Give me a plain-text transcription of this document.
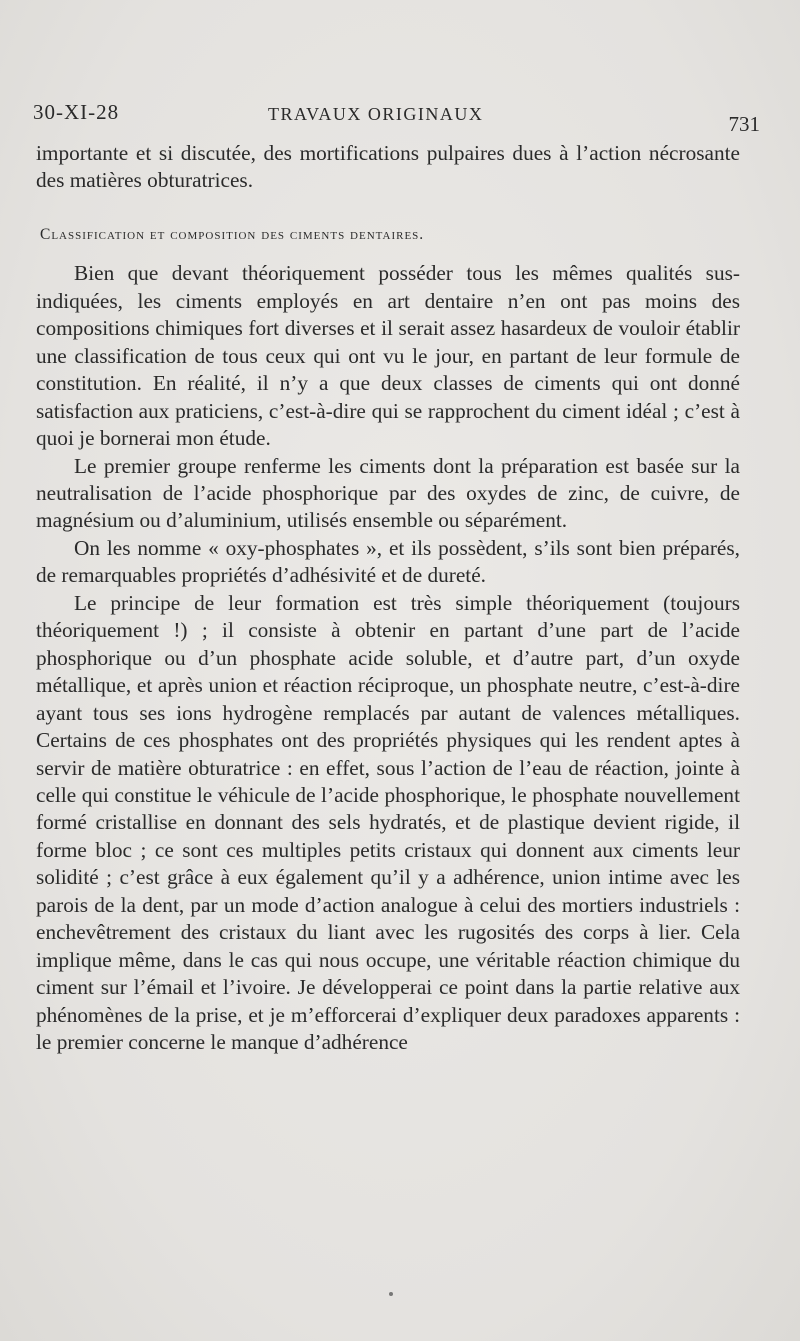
30-XI-28	TRAVAUX ORIGINAUX	731

importante et si discutée, des mortifications pulpaires dues à l’action nécrosante des matières obturatrices.

Classification et composition des ciments dentaires.

Bien que devant théoriquement posséder tous les mêmes qualités sus-indiquées, les ciments employés en art dentaire n’en ont pas moins des compositions chimiques fort diverses et il serait assez hasardeux de vouloir établir une classification de tous ceux qui ont vu le jour, en partant de leur formule de constitution. En réalité, il n’y a que deux classes de ciments qui ont donné satisfaction aux praticiens, c’est-à-dire qui se rapprochent du ciment idéal ; c’est à quoi je bornerai mon étude.

Le premier groupe renferme les ciments dont la préparation est basée sur la neutralisation de l’acide phosphorique par des oxydes de zinc, de cuivre, de magnésium ou d’aluminium, utilisés ensemble ou séparément.

On les nomme « oxy-phosphates », et ils possèdent, s’ils sont bien préparés, de remarquables propriétés d’adhésivité et de dureté.

Le principe de leur formation est très simple théoriquement (toujours théoriquement !) ; il consiste à obtenir en partant d’une part de l’acide phosphorique ou d’un phosphate acide soluble, et d’autre part, d’un oxyde métallique, et après union et réaction réciproque, un phosphate neutre, c’est-à-dire ayant tous ses ions hydrogène remplacés par autant de valences métalliques. Certains de ces phosphates ont des propriétés physiques qui les rendent aptes à servir de matière obturatrice : en effet, sous l’action de l’eau de réaction, jointe à celle qui constitue le véhicule de l’acide phosphorique, le phosphate nouvellement formé cristallise en donnant des sels hydratés, et de plastique devient rigide, il forme bloc ; ce sont ces multiples petits cristaux qui donnent aux ciments leur solidité ; c’est grâce à eux également qu’il y a adhérence, union intime avec les parois de la dent, par un mode d’action analogue à celui des mortiers industriels : enchevêtrement des cristaux du liant avec les rugosités des corps à lier. Cela implique même, dans le cas qui nous occupe, une véritable réaction chimique du ciment sur l’émail et l’ivoire. Je développerai ce point dans la partie relative aux phénomènes de la prise, et je m’efforcerai d’expliquer deux paradoxes apparents : le premier concerne le manque d’adhérence
